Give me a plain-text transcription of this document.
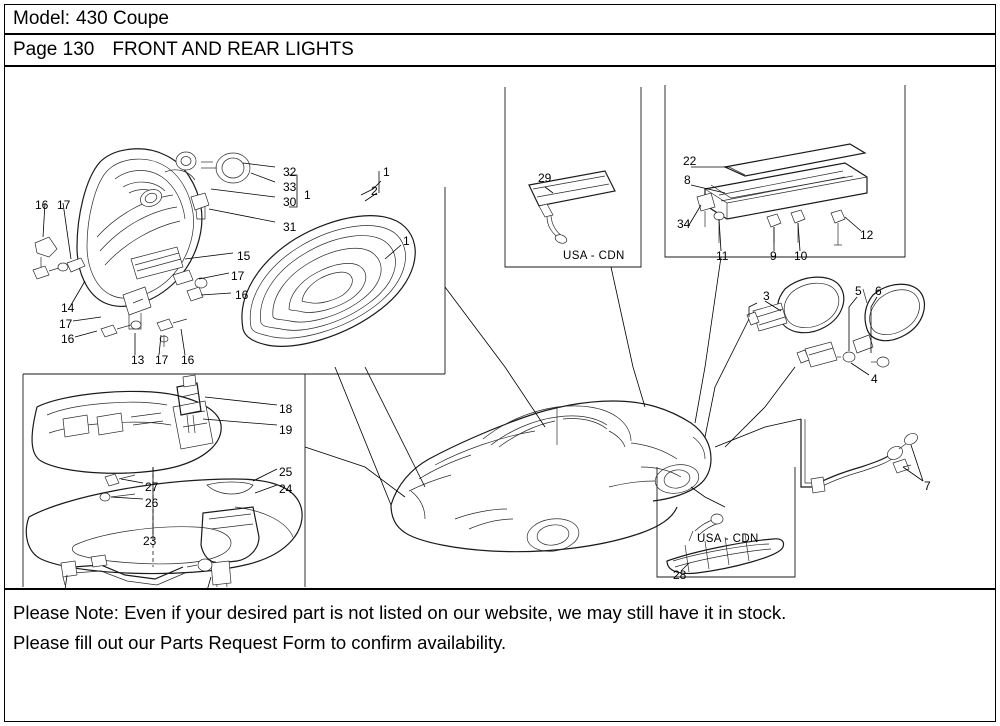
Model: 430 Coupe
Page 130 FRONT AND REAR LIGHTS
USA - CDN
USA - CDN
32
33
30 1
31
16 17
14
17
16
13 17 16
15
17
16
1
2
1
29
22
8
34
11	9 10
12
3	5 6
4
18
19
27
26
25
24
23
7
28

Please Note: Even if your desired part is not listed on our website, we may still have it in stock.

Please fill out our Parts Request Form to confirm availability.
